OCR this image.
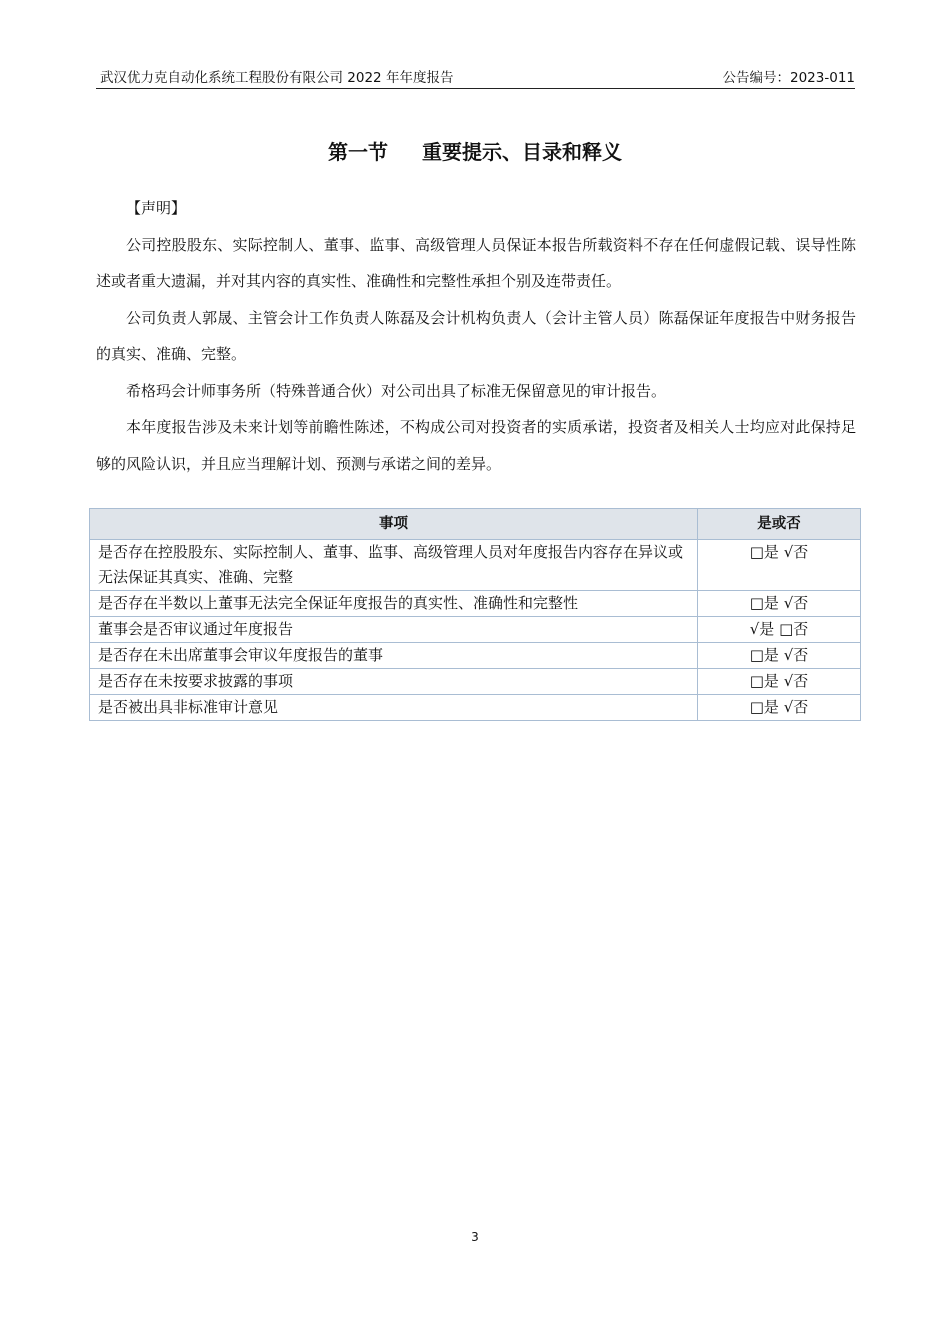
武汉优力克自动化系统工程股份有限公司 2022 年年度报告	公告编号：2023-011
第一节 重要提示、目录和释义

【声明】

公司控股股东、实际控制人、董事、监事、高级管理人员保证本报告所载资料不存在任何虚假记载、误导性陈述或者重大遗漏，并对其内容的真实性、准确性和完整性承担个别及连带责任。

公司负责人郭晟、主管会计工作负责人陈磊及会计机构负责人（会计主管人员）陈磊保证年度报告中财务报告的真实、准确、完整。

希格玛会计师事务所（特殊普通合伙）对公司出具了标准无保留意见的审计报告。

本年度报告涉及未来计划等前瞻性陈述，不构成公司对投资者的实质承诺，投资者及相关人士均应对此保持足够的风险认识，并且应当理解计划、预测与承诺之间的差异。

事项	是或否
是否存在控股股东、实际控制人、董事、监事、高级管理人员对年度报告内容存在异议或无法保证其真实、准确、完整	□是 √否
是否存在半数以上董事无法完全保证年度报告的真实性、准确性和完整性	□是 √否
董事会是否审议通过年度报告	√是 □否
是否存在未出席董事会审议年度报告的董事	□是 √否
是否存在未按要求披露的事项	□是 √否
是否被出具非标准审计意见	□是 √否
3
